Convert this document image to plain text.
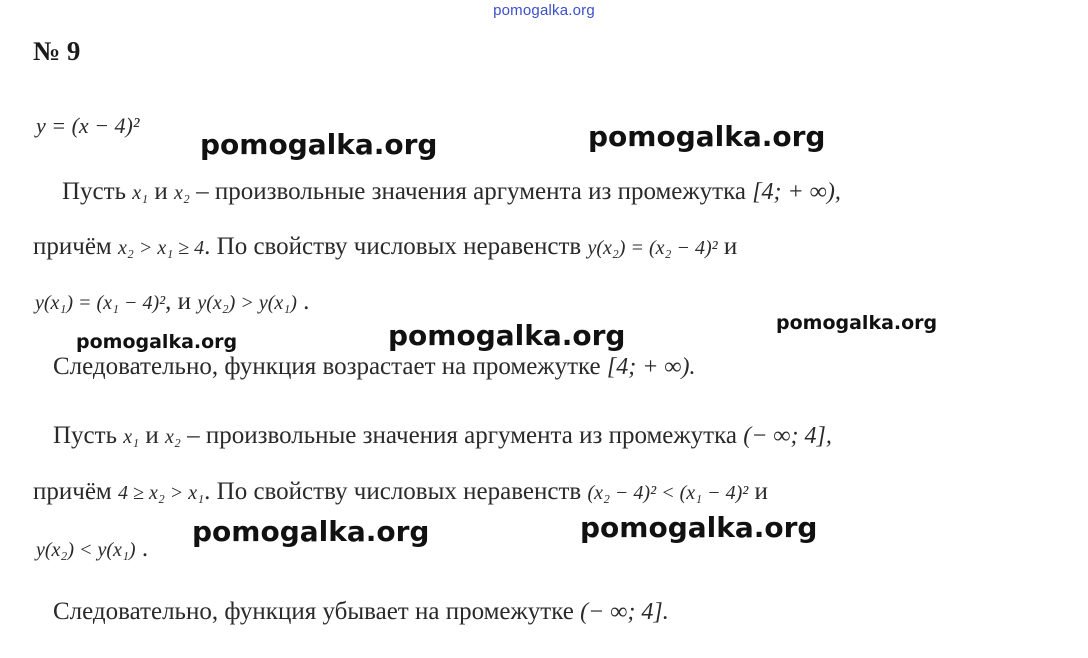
pomogalka.org
№ 9
y = (x − 4)²
Пусть x₁ и x₂ – произвольные значения аргумента из промежутка [4; + ∞),
причём x₂ > x₁ ≥ 4. По свойству числовых неравенств y(x₂) = (x₂ − 4)² и
y(x₁) = (x₁ − 4)², и y(x₂) > y(x₁) .
Следовательно, функция возрастает на промежутке [4; + ∞).
Пусть x₁ и x₂ – произвольные значения аргумента из промежутка (− ∞; 4],
причём 4 ≥ x₂ > x₁. По свойству числовых неравенств (x₂ − 4)² < (x₁ − 4)² и
y(x₂) < y(x₁) .
Следовательно, функция убывает на промежутке (− ∞; 4].
pomogalka.org	pomogalka.org
pomogalka.org	pomogalka.org	pomogalka.org
pomogalka.org	pomogalka.org
